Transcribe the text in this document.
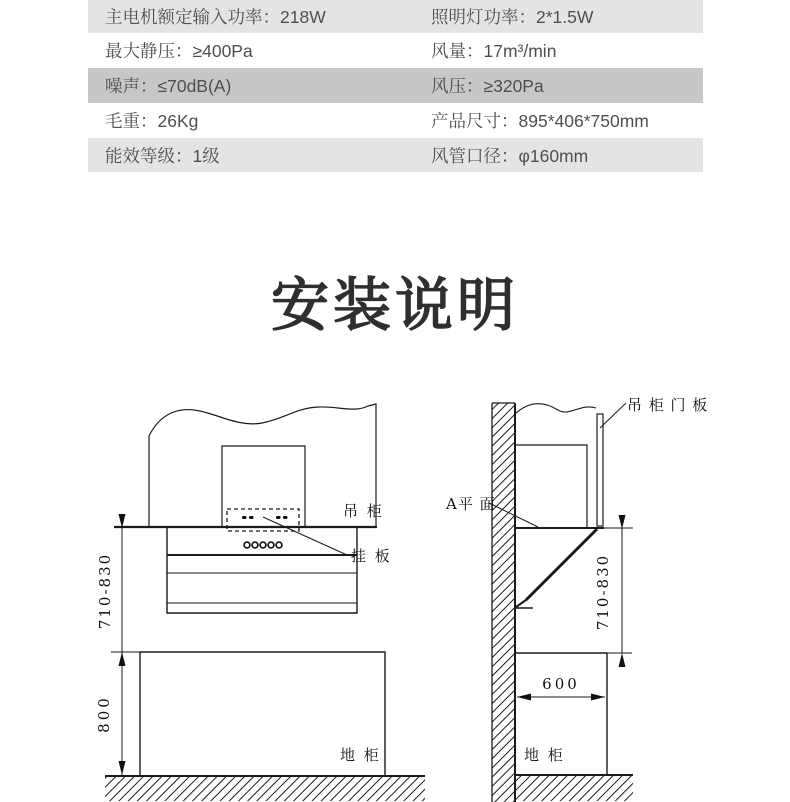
主电机额定输入功率：218W	照明灯功率：2*1.5W
最大静压：≥400Pa	风量：17m³/min
噪声：≤70dB(A)	风压：≥320Pa
毛重：26Kg	产品尺寸：895*406*750mm
能效等级：1级	风管口径：φ160mm
安装说明
吊 柜
挂 板
地 柜
710-830
800
吊 柜 门 板
A平 面
地 柜
710-830
600
